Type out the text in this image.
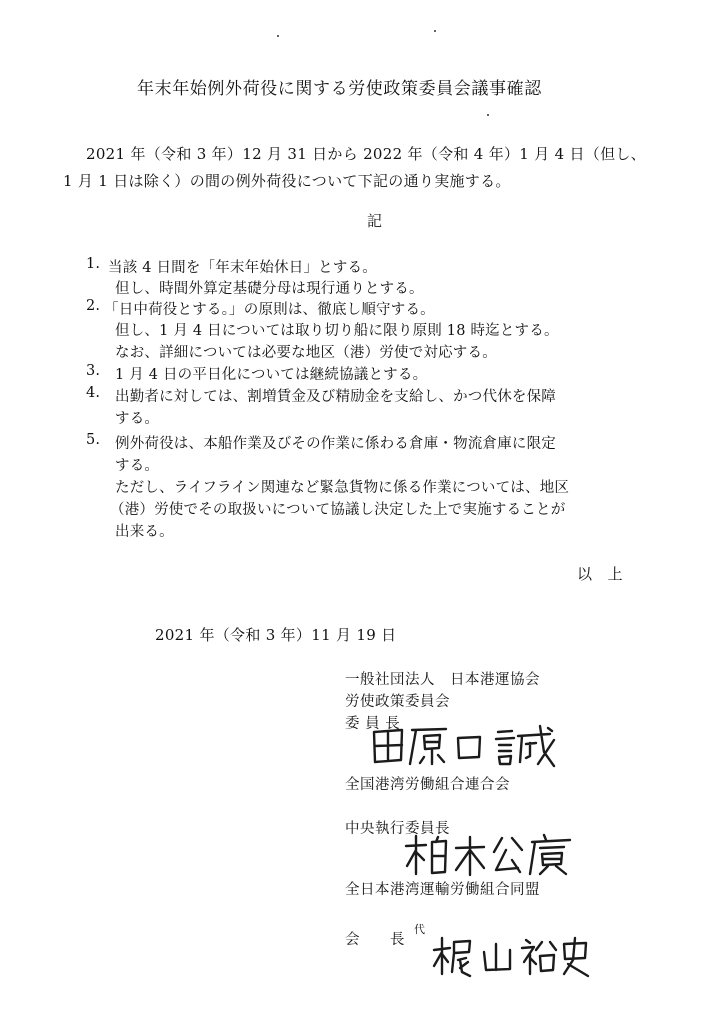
年末年始例外荷役に関する労使政策委員会議事確認
2021 年（令和 3 年）12 月 31 日から 2022 年（令和 4 年）1 月 4 日（但し、
1 月 1 日は除く）の間の例外荷役について下記の通り実施する。
記
1. 当該 4 日間を「年末年始休日」とする。
但し、時間外算定基礎分母は現行通りとする。
2. 「日中荷役とする。」の原則は、徹底し順守する。
但し、1 月 4 日については取り切り船に限り原則 18 時迄とする。
なお、詳細については必要な地区（港）労使で対応する。
3. 1 月 4 日の平日化については継続協議とする。
4. 出勤者に対しては、割増賃金及び精励金を支給し、かつ代休を保障
する。
5. 例外荷役は、本船作業及びその作業に係わる倉庫・物流倉庫に限定
する。
ただし、ライフライン関連など緊急貨物に係る作業については、地区
（港）労使でその取扱いについて協議し決定した上で実施することが
出来る。
以　上
2021 年（令和 3 年）11 月 19 日
一般社団法人　日本港運協会
労使政策委員会
委 員 長
全国港湾労働組合連合会
中央執行委員長
全日本港湾運輸労働組合同盟
会　　長
代
